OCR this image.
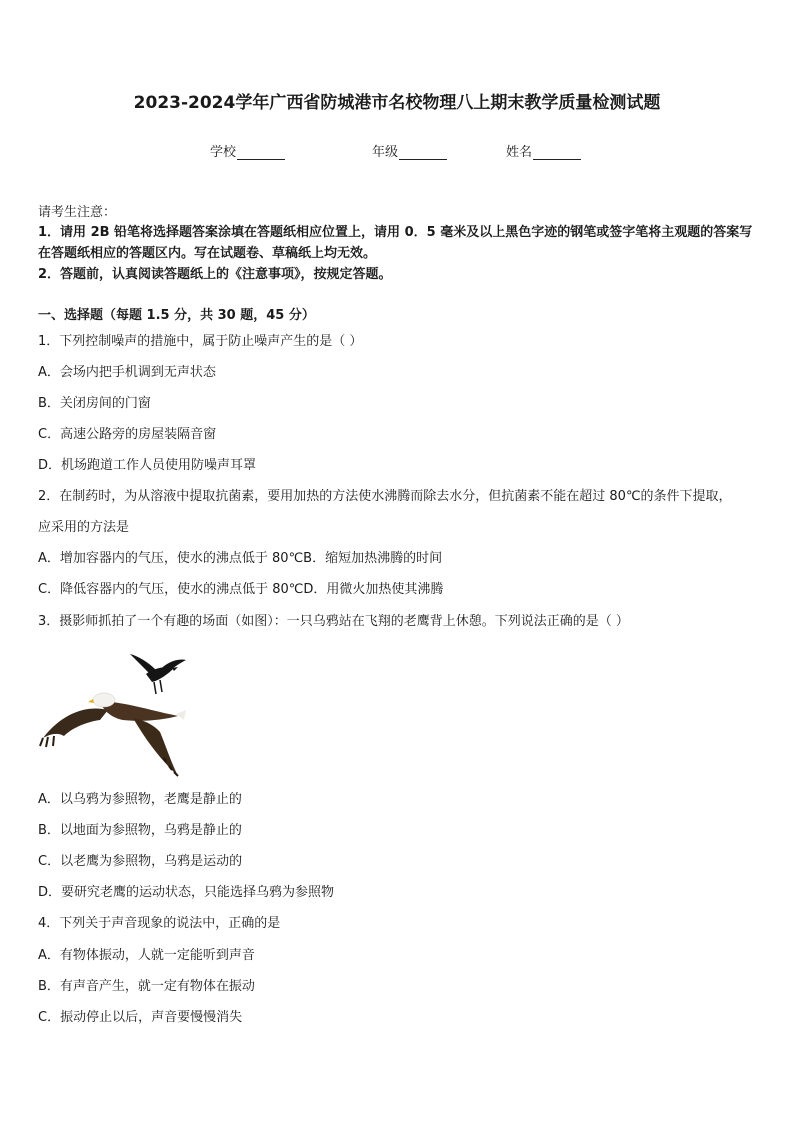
2023-2024学年广西省防城港市名校物理八上期末教学质量检测试题
学校	年级	姓名
请考生注意：
1．请用 2B 铅笔将选择题答案涂填在答题纸相应位置上，请用 0．5 毫米及以上黑色字迹的钢笔或签字笔将主观题的答案写在答题纸相应的答题区内。写在试题卷、草稿纸上均无效。
2．答题前，认真阅读答题纸上的《注意事项》，按规定答题。
一、选择题（每题 1.5 分，共 30 题，45 分）
1．下列控制噪声的措施中，属于防止噪声产生的是（ ）
A．会场内把手机调到无声状态
B．关闭房间的门窗
C．高速公路旁的房屋装隔音窗
D．机场跑道工作人员使用防噪声耳罩
2．在制药时，为从溶液中提取抗菌素，要用加热的方法使水沸腾而除去水分，但抗菌素不能在超过 80℃的条件下提取，
应采用的方法是
A．增加容器内的气压，使水的沸点低于 80℃B．缩短加热沸腾的时间
C．降低容器内的气压，使水的沸点低于 80℃D．用微火加热使其沸腾
3．摄影师抓拍了一个有趣的场面（如图）：一只乌鸦站在飞翔的老鹰背上休憩。下列说法正确的是（ ）
A．以乌鸦为参照物，老鹰是静止的
B．以地面为参照物，乌鸦是静止的
C．以老鹰为参照物，乌鸦是运动的
D．要研究老鹰的运动状态，只能选择乌鸦为参照物
4．下列关于声音现象的说法中，正确的是
A．有物体振动，人就一定能听到声音
B．有声音产生，就一定有物体在振动
C．振动停止以后，声音要慢慢消失
